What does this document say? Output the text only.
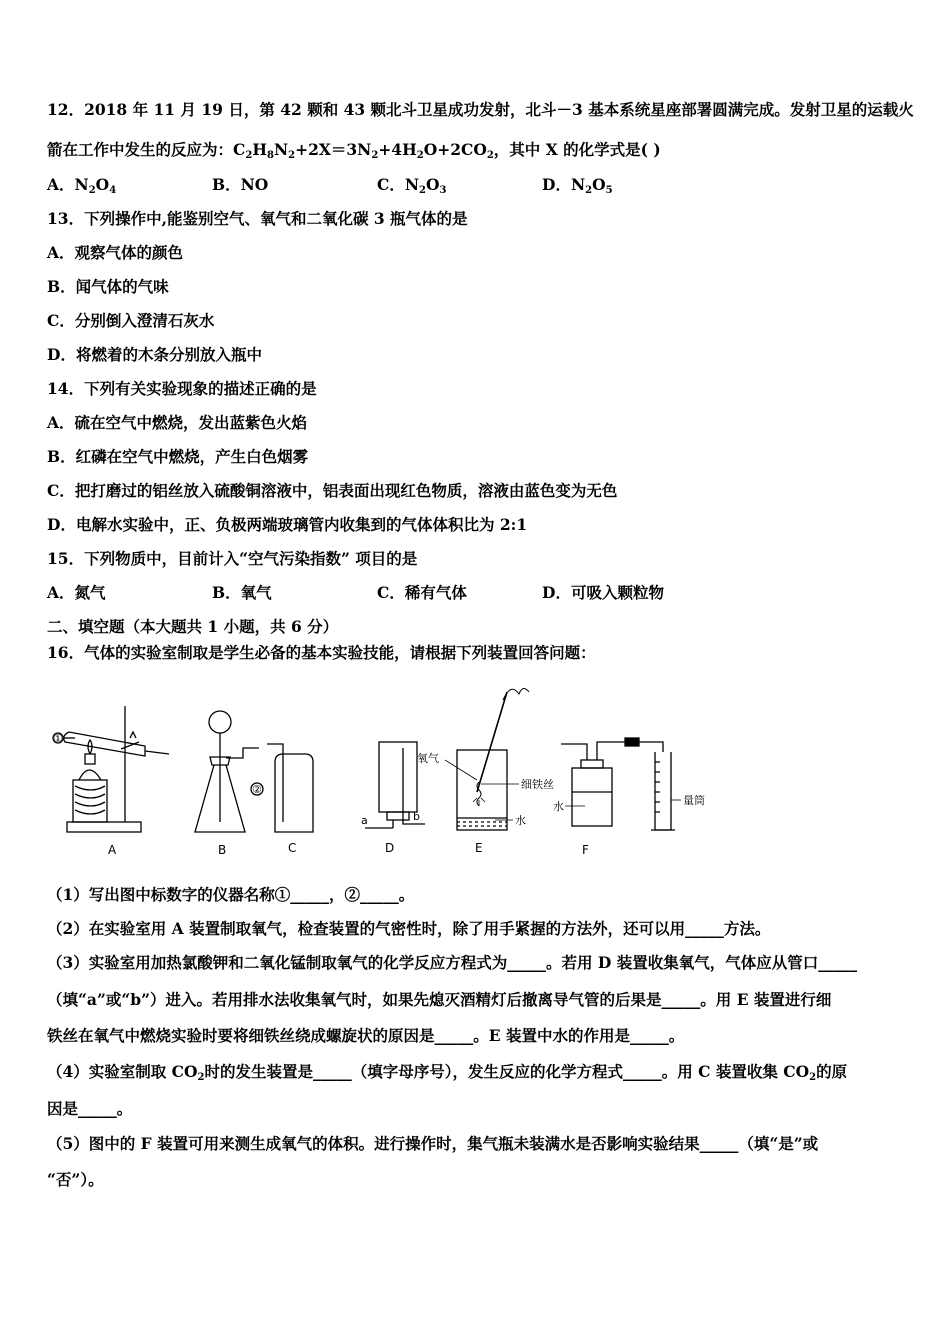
12．2018 年 11 月 19 日，第 42 颗和 43 颗北斗卫星成功发射，北斗－3 基本系统星座部署圆满完成。发射卫星的运载火
箭在工作中发生的反应为：$C_2H_8N_2+2X=3N_2+4H_2O+2CO_2$，其中 X 的化学式是( )
A．$N_2O_4$	B．NO	C．$N_2O_3$	D．$N_2O_5$
13．下列操作中,能鉴别空气、氧气和二氧化碳 3 瓶气体的是
A．观察气体的颜色
B．闻气体的气味
C．分别倒入澄清石灰水
D．将燃着的木条分别放入瓶中
14．下列有关实验现象的描述正确的是
A．硫在空气中燃烧，发出蓝紫色火焰
B．红磷在空气中燃烧，产生白色烟雾
C．把打磨过的铝丝放入硫酸铜溶液中，铝表面出现红色物质，溶液由蓝色变为无色
D．电解水实验中，正、负极两端玻璃管内收集到的气体体积比为 2:1
15．下列物质中，目前计入“空气污染指数” 项目的是
A．氮气	B．氧气	C．稀有气体	D．可吸入颗粒物
二、填空题（本大题共 1 小题，共 6 分）
16．气体的实验室制取是学生必备的基本实验技能，请根据下列装置回答问题：
A	B	C	D	E	F
①
②
a	b
氧气
细铁丝
水
水	量筒
（1）写出图中标数字的仪器名称①_____，②_____。
（2）在实验室用 A 装置制取氧气，检查装置的气密性时，除了用手紧握的方法外，还可以用_____方法。
（3）实验室用加热氯酸钾和二氧化锰制取氧气的化学反应方程式为_____。若用 D 装置收集氧气，气体应从管口_____
（填“a”或“b”）进入。若用排水法收集氧气时，如果先熄灭酒精灯后撤离导气管的后果是_____。用 E 装置进行细
铁丝在氧气中燃烧实验时要将细铁丝绕成螺旋状的原因是_____。E 装置中水的作用是_____。
（4）实验室制取 $CO_2$时的发生装置是_____（填字母序号），发生反应的化学方程式_____。用 C 装置收集 $CO_2$的原
因是_____。
（5）图中的 F 装置可用来测生成氧气的体积。进行操作时，集气瓶未装满水是否影响实验结果_____（填“是”或
“否”）。
